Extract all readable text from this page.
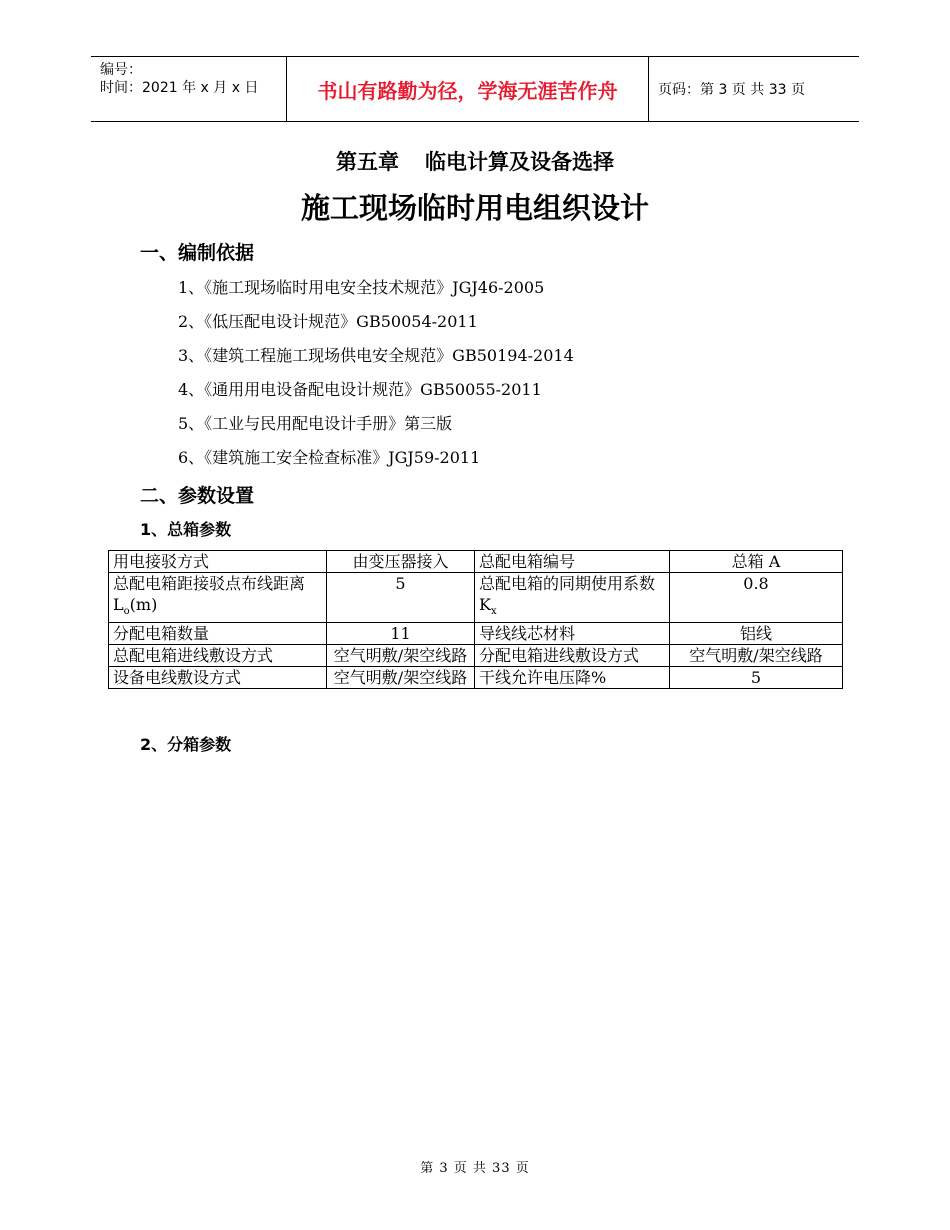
编号：
时间：2021 年 x 月 x 日	书山有路勤为径，学海无涯苦作舟	页码：第 3 页 共 33 页
第五章 临电计算及设备选择
施工现场临时用电组织设计
一、编制依据
1、《施工现场临时用电安全技术规范》JGJ46-2005
2、《低压配电设计规范》GB50054-2011
3、《建筑工程施工现场供电安全规范》GB50194-2014
4、《通用用电设备配电设计规范》GB50055-2011
5、《工业与民用配电设计手册》第三版
6、《建筑施工安全检查标准》JGJ59-2011
二、参数设置
1、总箱参数
用电接驳方式	由变压器接入	总配电箱编号	总箱 A
总配电箱距接驳点布线距离 $L_o(m)$	5	总配电箱的同期使用系数 $K_x$	0.8
分配电箱数量	11	导线线芯材料	铝线
总配电箱进线敷设方式	空气明敷/架空线路	分配电箱进线敷设方式	空气明敷/架空线路
设备电线敷设方式	空气明敷/架空线路	干线允许电压降%	5
2、分箱参数
第 3 页 共 33 页
